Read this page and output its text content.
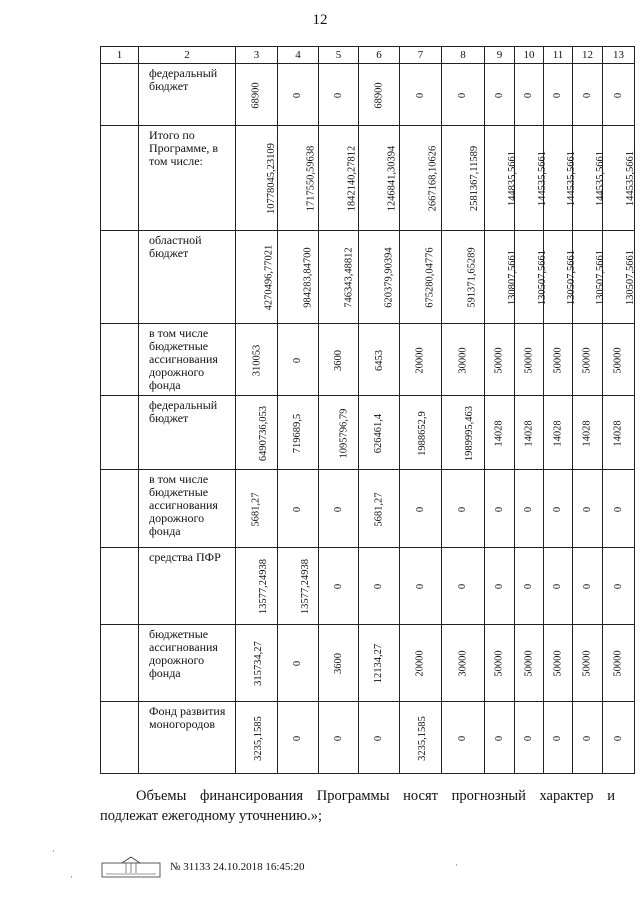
12
1	2	3	4	5	6	7	8	9	10	11	12	13
	федеральный бюджет	68900	0	0	68900	0	0	0	0	0	0	0
	Итого по Программе, в том числе:	10778045,23109	1717550,59638	1842140,27812	1246841,30394	2667168,10626	2581367,11589	144835,5661	144535,5661	144535,5661	144535,5661	144535,5661
	областной бюджет	4270496,77021	984283,84700	746343,48812	620379,90394	675280,04776	591371,65289	130807,5661	130507,5661	130507,5661	130507,5661	130507,5661
	в том числе бюджетные ассигнования дорожного фонда	310053	0	3600	6453	20000	30000	50000	50000	50000	50000	50000
	федеральный бюджет	6490736,053	719689,5	1095796,79	626461,4	1988652,9	1989995,463	14028	14028	14028	14028	14028
	в том числе бюджетные ассигнования дорожного фонда	5681,27	0	0	5681,27	0	0	0	0	0	0	0
	средства ПФР	13577,24938	13577,24938	0	0	0	0	0	0	0	0	0
	бюджетные ассигнования дорожного фонда	315734,27	0	3600	12134,27	20000	30000	50000	50000	50000	50000	50000
	Фонд развития моногородов	3235,1585	0	0	0	3235,1585	0	0	0	0	0	0
Объемы финансирования Программы носят прогнозный характер и подлежат ежегодному уточнению.»;
№ 31133 24.10.2018 16:45:20
·
·
·
